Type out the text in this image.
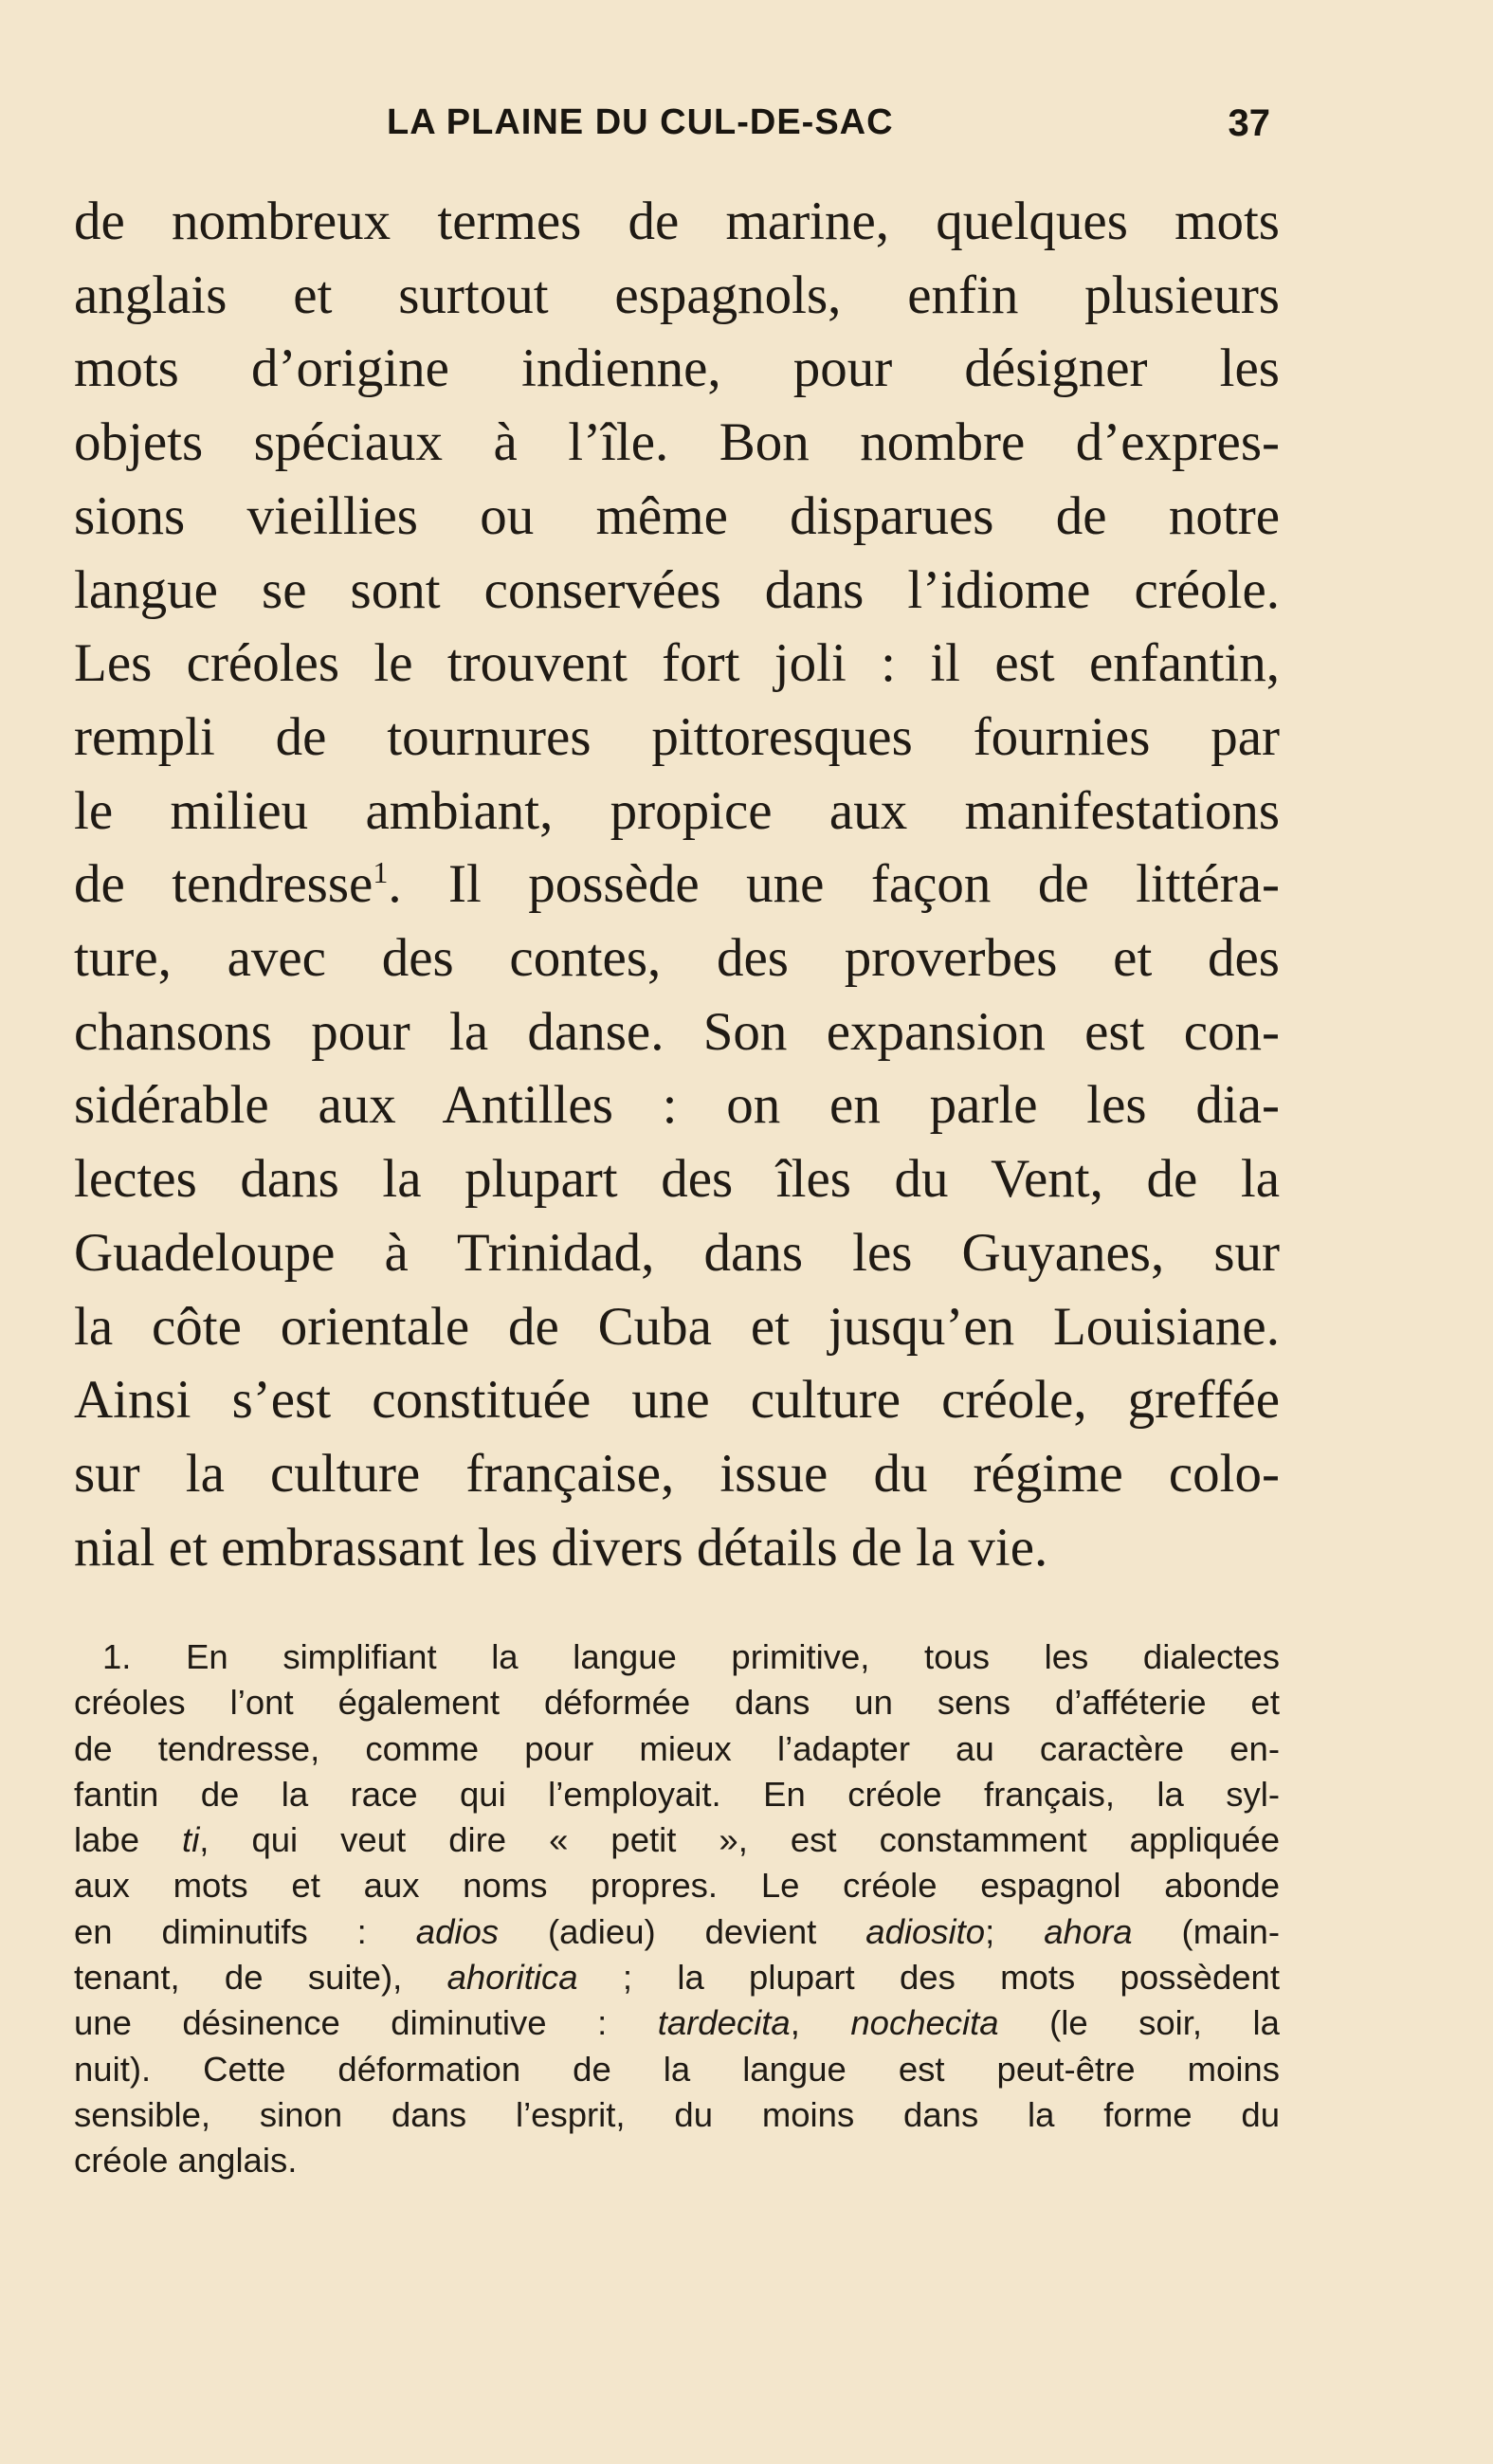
LA PLAINE DU CUL-DE-SAC	37
de nombreux termes de marine, quelques mots
anglais et surtout espagnols, enfin plusieurs
mots d’origine indienne, pour désigner les
objets spéciaux à l’île. Bon nombre d’expres-
sions vieillies ou même disparues de notre
langue se sont conservées dans l’idiome créole.
Les créoles le trouvent fort joli : il est enfantin,
rempli de tournures pittoresques fournies par
le milieu ambiant, propice aux manifestations
de tendresse$^1$. Il possède une façon de littéra-
ture, avec des contes, des proverbes et des
chansons pour la danse. Son expansion est con-
sidérable aux Antilles : on en parle les dia-
lectes dans la plupart des îles du Vent, de la
Guadeloupe à Trinidad, dans les Guyanes, sur
la côte orientale de Cuba et jusqu’en Louisiane.
Ainsi s’est constituée une culture créole, greffée
sur la culture française, issue du régime colo-
nial et embrassant les divers détails de la vie.
1. En simplifiant la langue primitive, tous les dialectes
créoles l’ont également déformée dans un sens d’afféterie et
de tendresse, comme pour mieux l’adapter au caractère en-
fantin de la race qui l’employait. En créole français, la syl-
labe ti, qui veut dire « petit », est constamment appliquée
aux mots et aux noms propres. Le créole espagnol abonde
en diminutifs : adios (adieu) devient adiosito; ahora (main-
tenant, de suite), ahoritica ; la plupart des mots possèdent
une désinence diminutive : tardecita, nochecita (le soir, la
nuit). Cette déformation de la langue est peut-être moins
sensible, sinon dans l’esprit, du moins dans la forme du
créole anglais.
